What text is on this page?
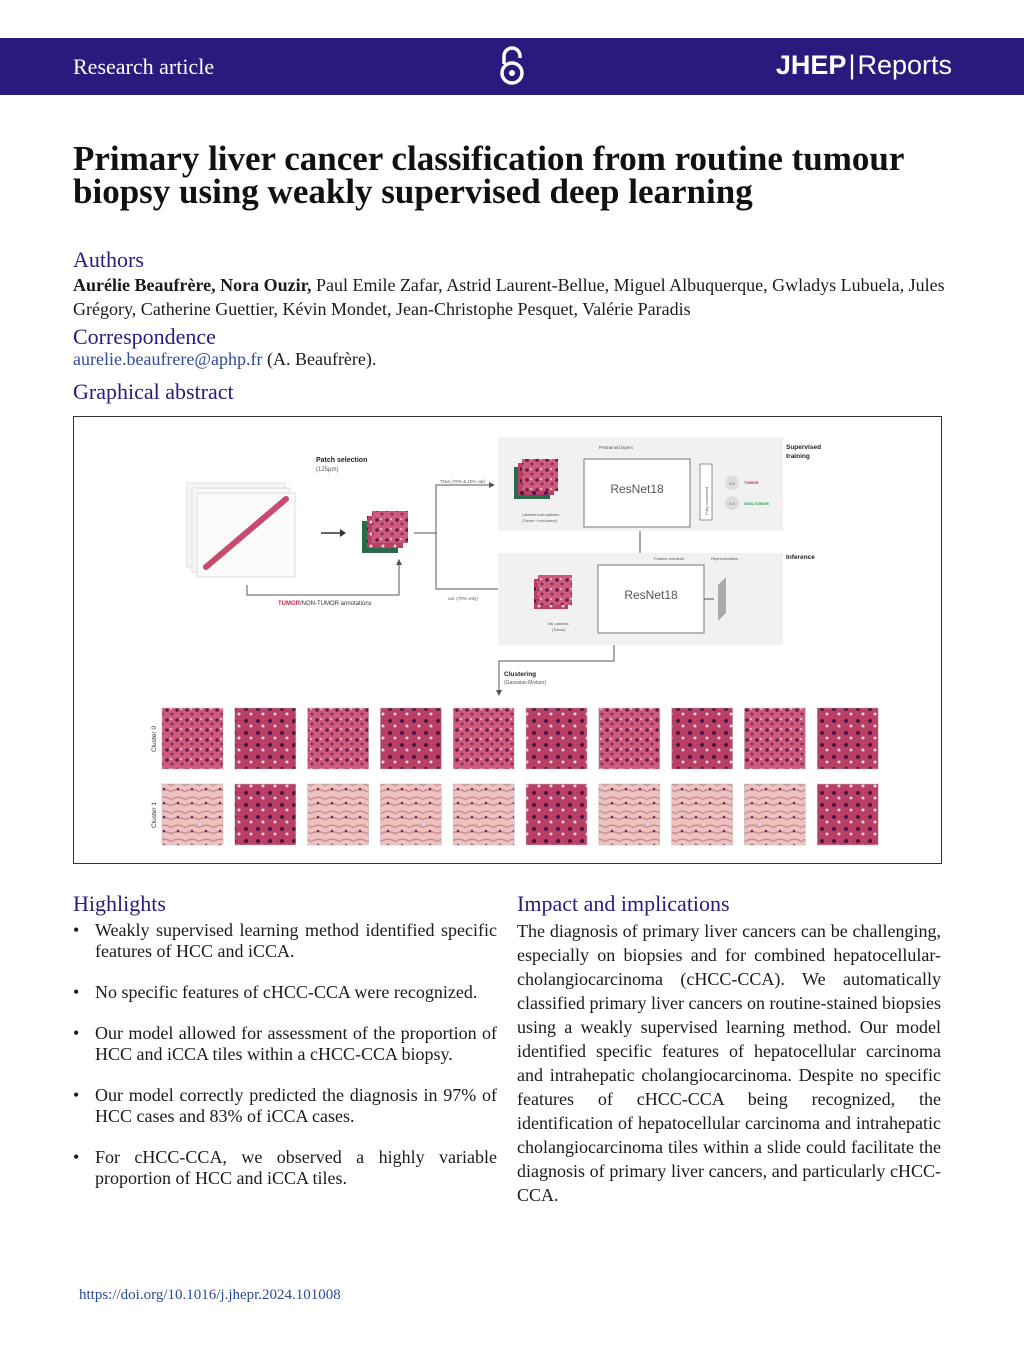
Research article	JHEP|Reports
Primary liver cancer classification from routine tumour biopsy using weakly supervised deep learning
Authors
Aurélie Beaufrère, Nora Ouzir, Paul Emile Zafar, Astrid Laurent-Bellue, Miguel Albuquerque, Gwladys Lubuela, Jules Grégory, Catherine Guettier, Kévin Mondet, Jean-Christophe Pesquet, Valérie Paradis
Correspondence
aurelie.beaufrere@aphp.fr (A. Beaufrère).
Graphical abstract
Patch selection
(125μm)
TUMOR/NON-TUMOR annotations
Train (70% & 10% val)
val. (70% only)
Pretrained layers
Labelled train patches
(Tumor + non-tumor)
ResNet18	Fully connected
0.6
0.4
TUMOR
NON-TUMOR
Supervised
training
Feature extractor	Representation	Inference
Val. patches
(Tumor)
ResNet18
Clustering
(Gaussian Mixture)
Cluster 0
Cluster 1
Highlights
• Weakly supervised learning method identified specific features of HCC and iCCA.
• No specific features of cHCC-CCA were recognized.
• Our model allowed for assessment of the proportion of HCC and iCCA tiles within a cHCC-CCA biopsy.
• Our model correctly predicted the diagnosis in 97% of HCC cases and 83% of iCCA cases.
• For cHCC-CCA, we observed a highly variable proportion of HCC and iCCA tiles.
Impact and implications

The diagnosis of primary liver cancers can be challenging, especially on biopsies and for combined hepatocellular-cholangiocarcinoma (cHCC-CCA). We automatically classified primary liver cancers on routine-stained biopsies using a weakly supervised learning method. Our model identified specific features of hepatocellular carcinoma and intrahepatic cholangiocarcinoma. Despite no specific features of cHCC-CCA being recognized, the identification of hepatocellular carcinoma and intrahepatic cholangiocarcinoma tiles within a slide could facilitate the diagnosis of primary liver cancers, and particularly cHCC-CCA.

https://doi.org/10.1016/j.jhepr.2024.101008
